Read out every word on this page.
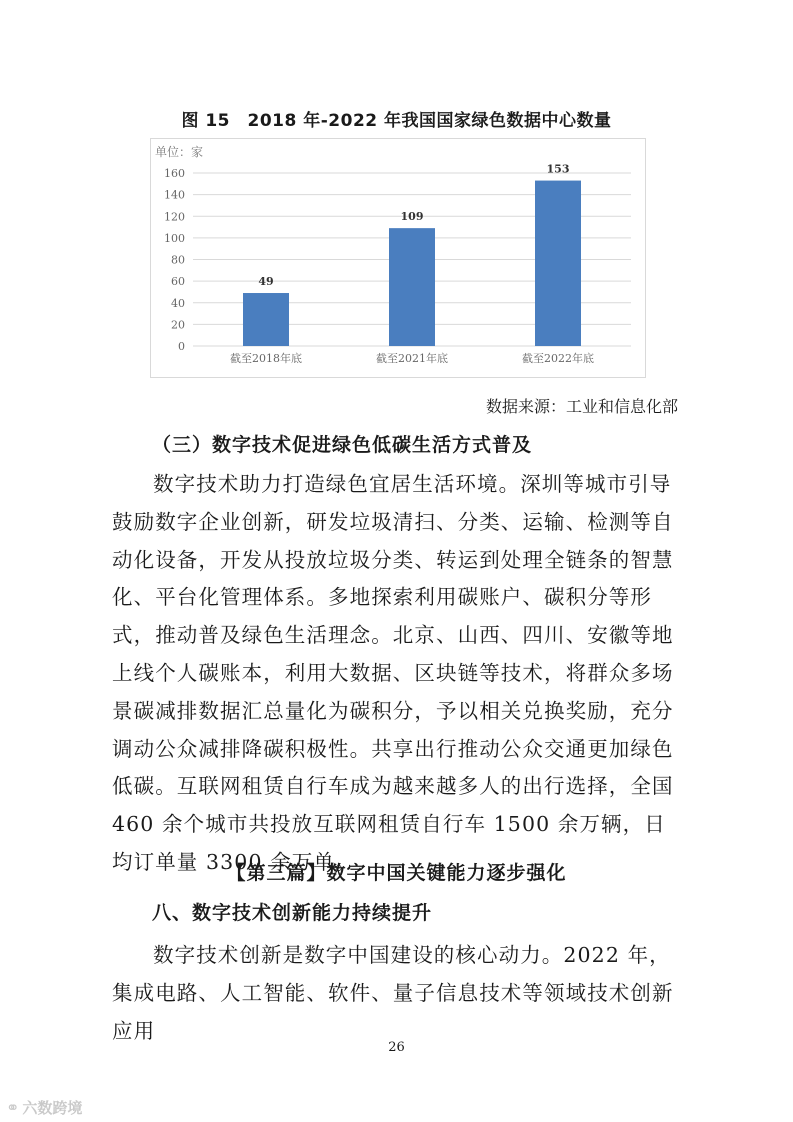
图 15　2018 年-2022 年我国国家绿色数据中心数量
单位：家
0
20
40
60
80
100
120
140
160
49
截至2018年底
109
截至2021年底
153
截至2022年底
数据来源：工业和信息化部
（三）数字技术促进绿色低碳生活方式普及

数字技术助力打造绿色宜居生活环境。深圳等城市引导鼓励数字企业创新，研发垃圾清扫、分类、运输、检测等自动化设备，开发从投放垃圾分类、转运到处理全链条的智慧化、平台化管理体系。多地探索利用碳账户、碳积分等形式，推动普及绿色生活理念。北京、山西、四川、安徽等地上线个人碳账本，利用大数据、区块链等技术，将群众多场景碳减排数据汇总量化为碳积分，予以相关兑换奖励，充分调动公众减排降碳积极性。共享出行推动公众交通更加绿色低碳。互联网租赁自行车成为越来越多人的出行选择，全国 460 余个城市共投放互联网租赁自行车 1500 余万辆，日均订单量 3300 余万单。

【第三篇】数字中国关键能力逐步强化
八、数字技术创新能力持续提升

数字技术创新是数字中国建设的核心动力。2022 年，集成电路、人工智能、软件、量子信息技术等领域技术创新应用

26
⚭ 六数跨境
